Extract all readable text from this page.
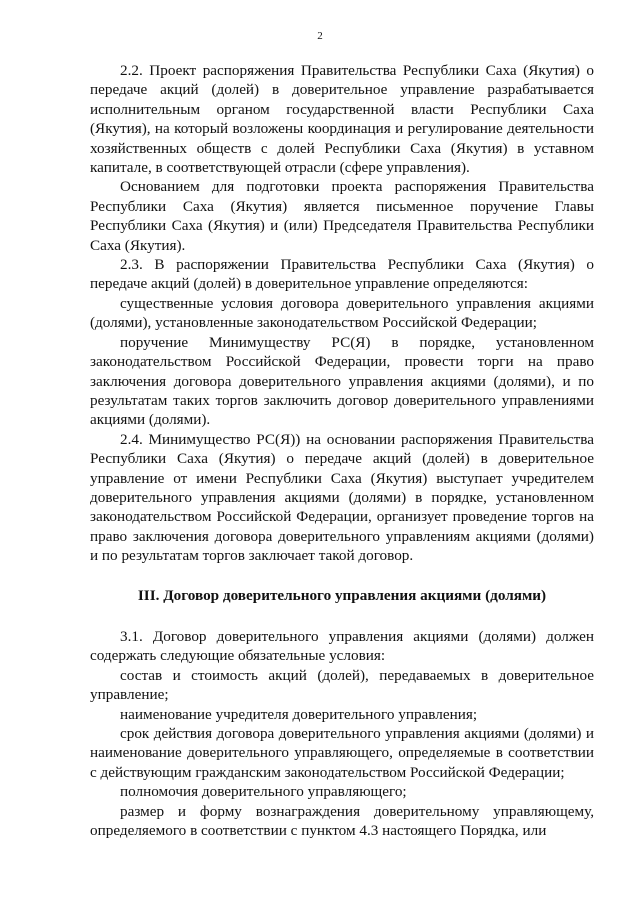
2

2.2. Проект распоряжения Правительства Республики Саха (Якутия) о передаче акций (долей) в доверительное управление разрабатывается исполнительным органом государственной власти Республики Саха (Якутия), на который возложены координация и регулирование деятельности хозяйственных обществ с долей Республики Саха (Якутия) в уставном капитале, в соответствующей отрасли (сфере управления).

Основанием для подготовки проекта распоряжения Правительства Республики Саха (Якутия) является письменное поручение Главы Республики Саха (Якутия) и (или) Председателя Правительства Республики Саха (Якутия).

2.3. В распоряжении Правительства Республики Саха (Якутия) о передаче акций (долей) в доверительное управление определяются:

существенные условия договора доверительного управления акциями (долями), установленные законодательством Российской Федерации;

поручение Минимуществу РС(Я) в порядке, установленном законодательством Российской Федерации, провести торги на право заключения договора доверительного управления акциями (долями), и по результатам таких торгов заключить договор доверительного управлениями акциями (долями).

2.4. Минимущество РС(Я)) на основании распоряжения Правительства Республики Саха (Якутия) о передаче акций (долей) в доверительное управление от имени Республики Саха (Якутия) выступает учредителем доверительного управления акциями (долями) в порядке, установленном законодательством Российской Федерации, организует проведение торгов на право заключения договора доверительного управлениям акциями (долями) и по результатам торгов заключает такой договор.

III. Договор доверительного управления акциями (долями)

3.1. Договор доверительного управления акциями (долями) должен содержать следующие обязательные условия:

состав и стоимость акций (долей), передаваемых в доверительное управление;

наименование учредителя доверительного управления;

срок действия договора доверительного управления акциями (долями) и наименование доверительного управляющего, определяемые в соответствии с действующим гражданским законодательством Российской Федерации;

полномочия доверительного управляющего;

размер и форму вознаграждения доверительному управляющему, определяемого в соответствии с пунктом 4.3 настоящего Порядка, или
